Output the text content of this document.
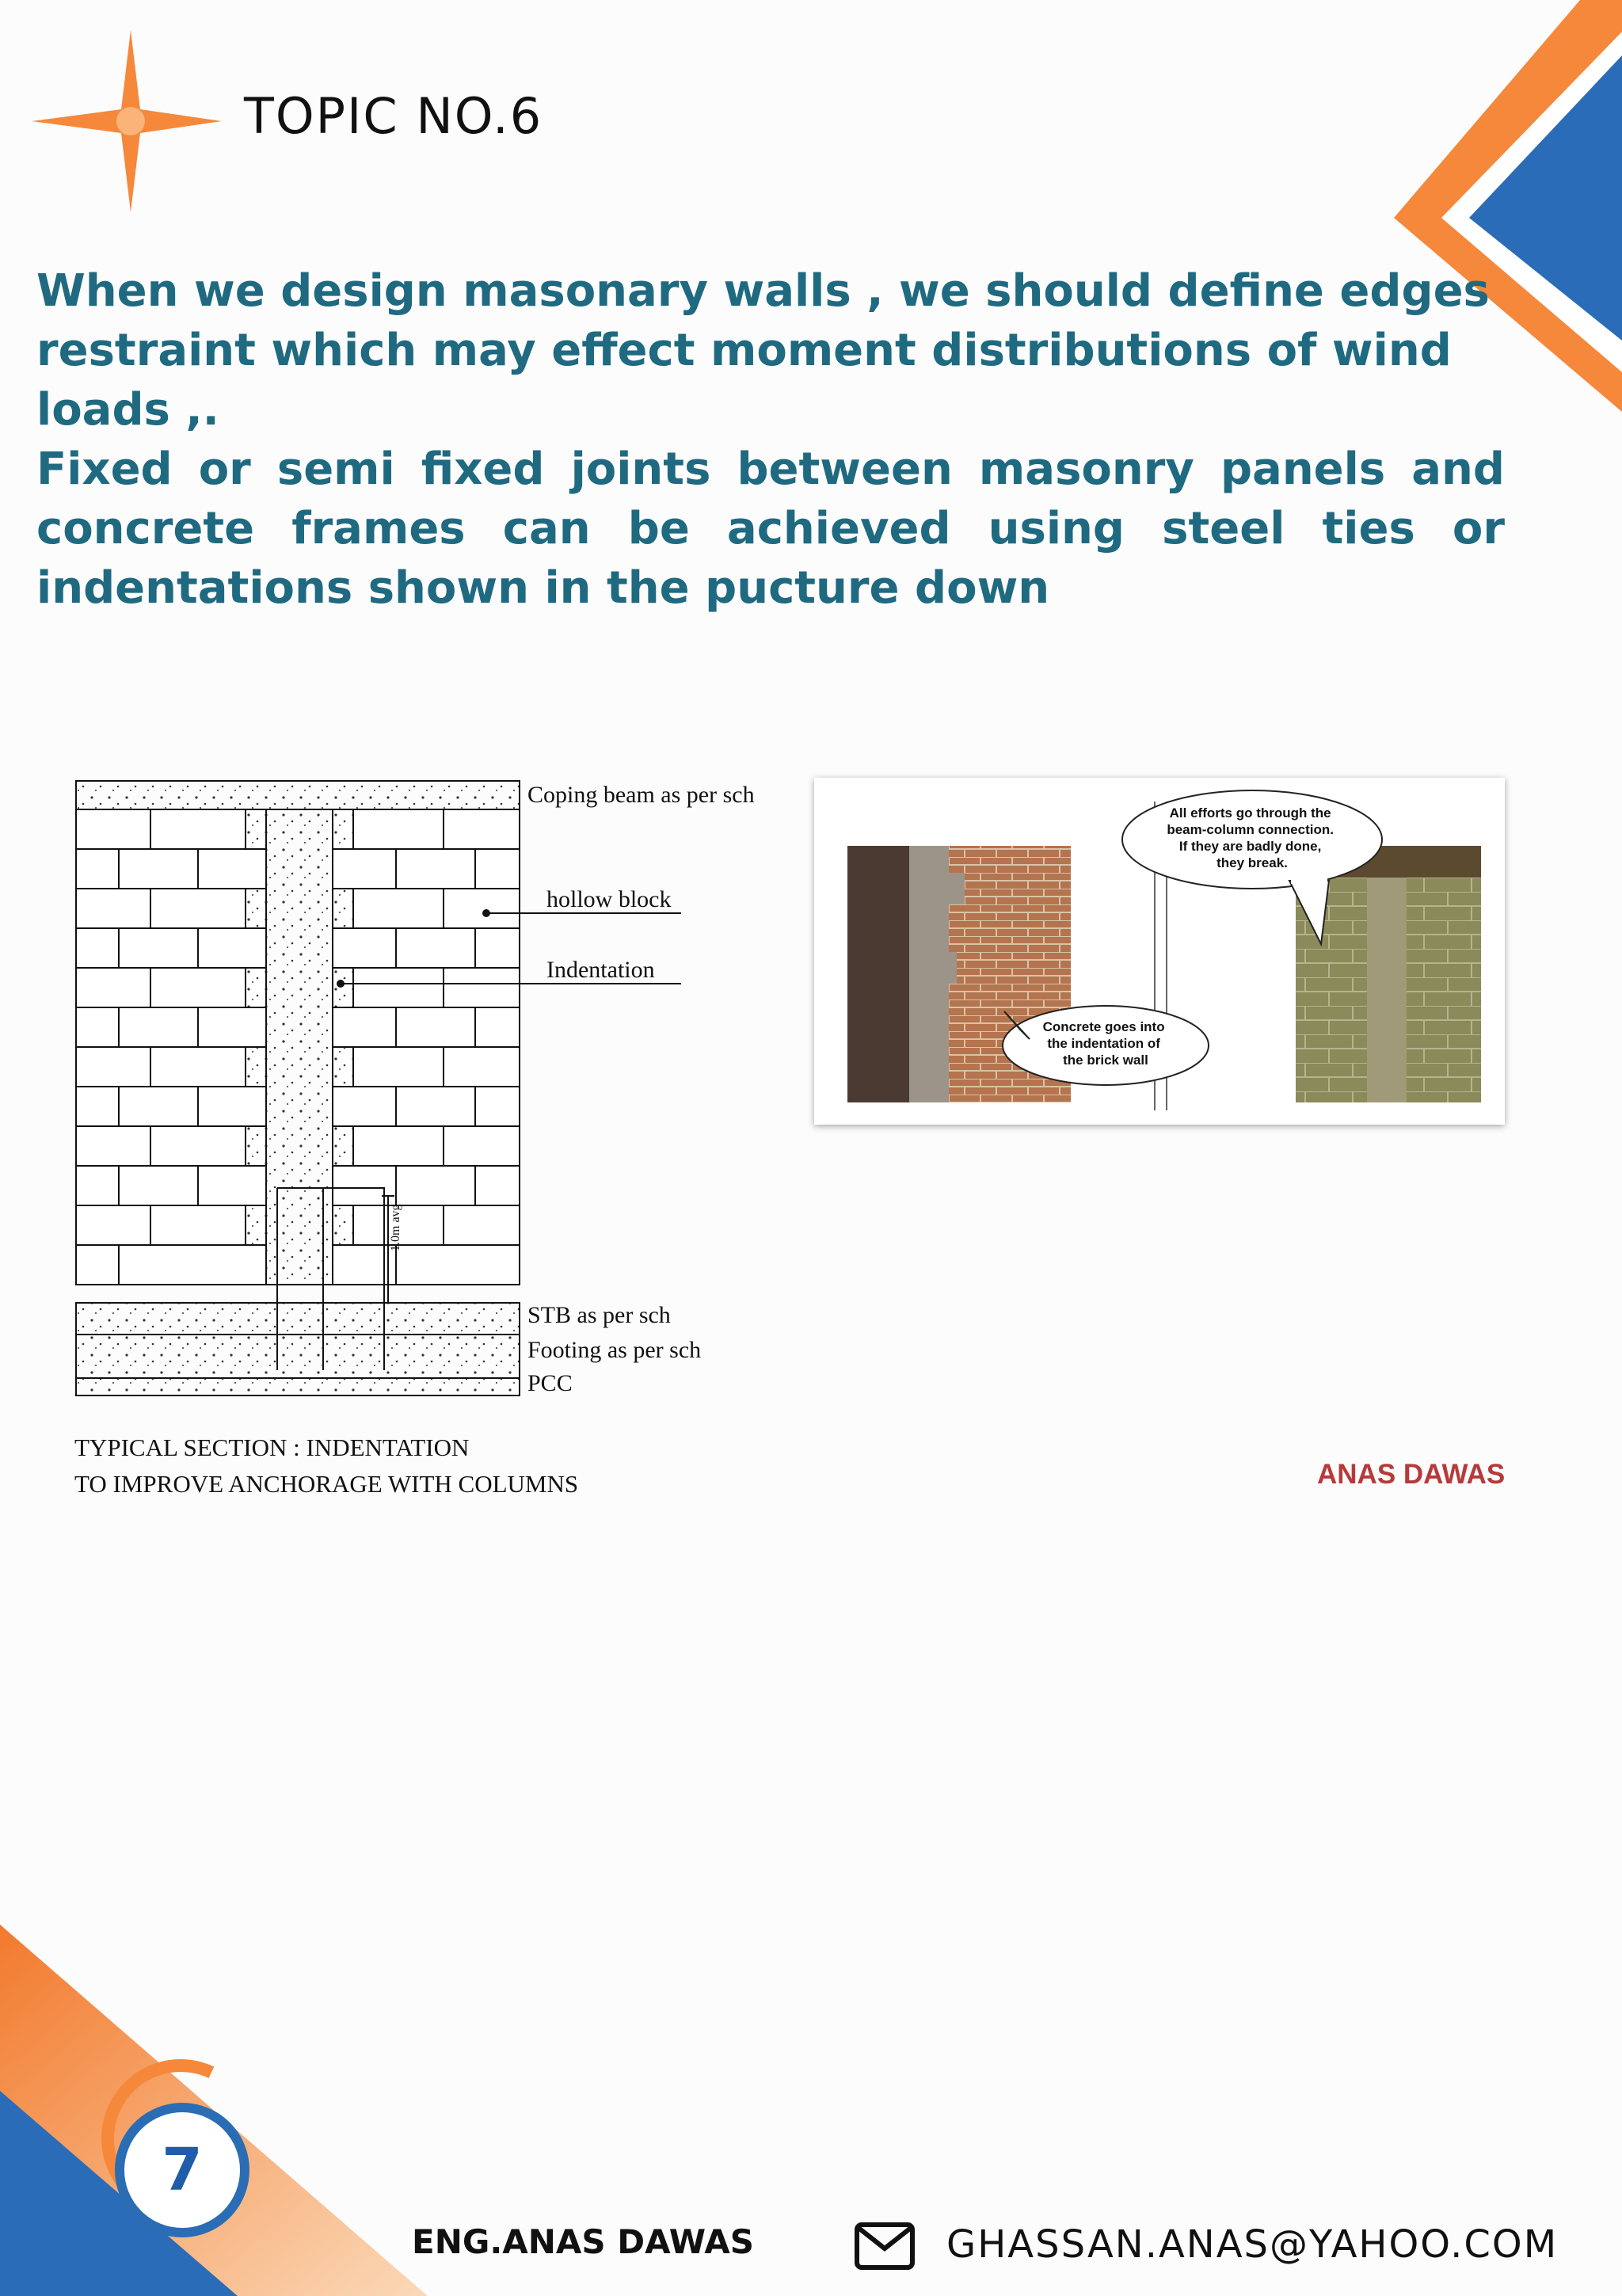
TOPIC NO.6

When we design masonary walls , we should define edges restraint which may effect moment distributions of wind loads ,.

Fixed or semi fixed joints between masonry panels and concrete frames can be achieved using steel ties or indentations shown in the pucture down

1.0m avg
Coping beam as per sch
hollow block
Indentation
STB as per sch
Footing as per sch
PCC
TYPICAL SECTION : INDENTATION
TO IMPROVE ANCHORAGE WITH COLUMNS
All efforts go through the beam-column connection. If they are badly done, they break.
Concrete goes into the indentation of the brick wall
ANAS DAWAS
7
ENG.ANAS DAWAS	GHASSAN.ANAS@YAHOO.COM
